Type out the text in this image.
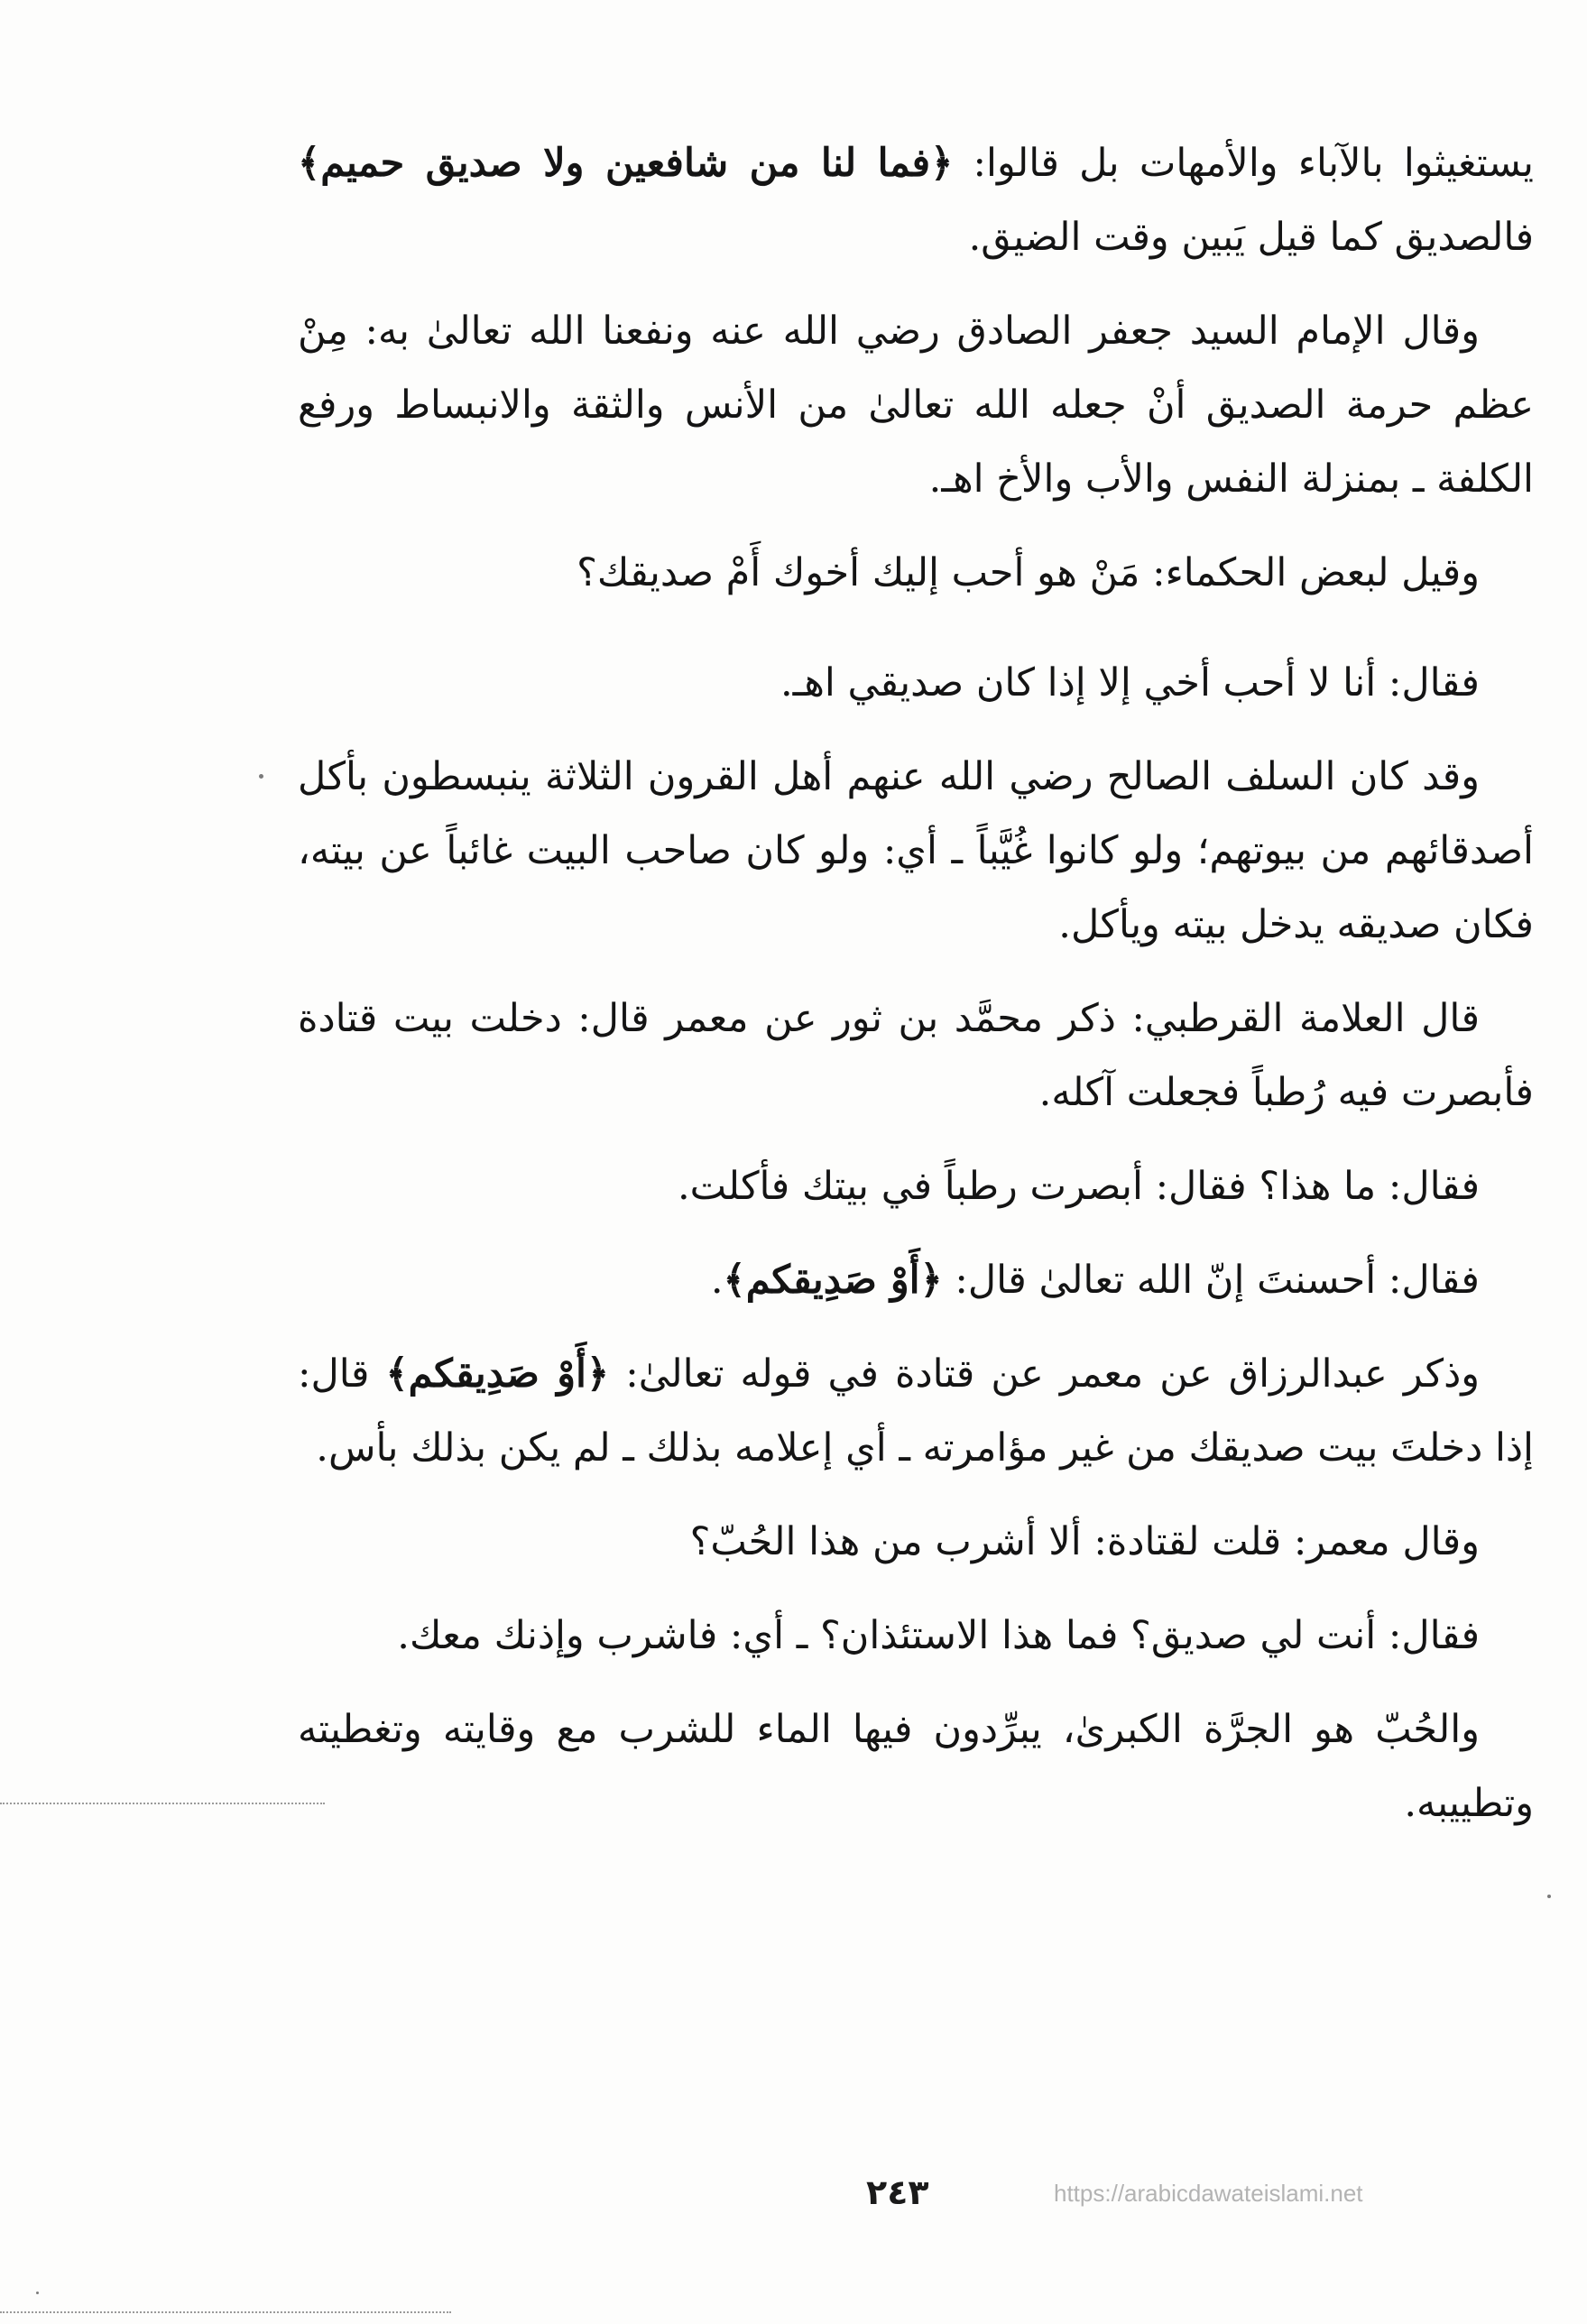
يستغيثوا بالآباء والأمهات بل قالوا: ﴿فما لنا من شافعين ولا صديق حميم﴾ فالصديق كما قيل يَبين وقت الضيق.

وقال الإمام السيد جعفر الصادق رضي الله عنه ونفعنا الله تعالىٰ به: مِنْ عظم حرمة الصديق أنْ جعله الله تعالىٰ من الأنس والثقة والانبساط ورفع الكلفة ـ بمنزلة النفس والأب والأخ اهـ.

وقيل لبعض الحكماء: مَنْ هو أحب إليك أخوك أَمْ صديقك؟

فقال: أنا لا أحب أخي إلا إذا كان صديقي اهـ.

وقد كان السلف الصالح رضي الله عنهم أهل القرون الثلاثة ينبسطون بأكل أصدقائهم من بيوتهم؛ ولو كانوا غُيَّباً ـ أي: ولو كان صاحب البيت غائباً عن بيته، فكان صديقه يدخل بيته ويأكل.

قال العلامة القرطبي: ذكر محمَّد بن ثور عن معمر قال: دخلت بيت قتادة فأبصرت فيه رُطباً فجعلت آكله.

فقال: ما هذا؟ فقال: أبصرت رطباً في بيتك فأكلت.

فقال: أحسنتَ إنّ الله تعالىٰ قال: ﴿أَوْ صَدِيقكم﴾.

وذكر عبدالرزاق عن معمر عن قتادة في قوله تعالىٰ: ﴿أَوْ صَدِيقكم﴾ قال: إذا دخلتَ بيت صديقك من غير مؤامرته ـ أي إعلامه بذلك ـ لم يكن بذلك بأس.

وقال معمر: قلت لقتادة: ألا أشرب من هذا الحُبّ؟

فقال: أنت لي صديق؟ فما هذا الاستئذان؟ ـ أي: فاشرب وإذنك معك.

والحُبّ هو الجرَّة الكبرىٰ، يبرِّدون فيها الماء للشرب مع وقايته وتغطيته وتطييبه.

٢٤٣	https://arabicdawateislami.net
